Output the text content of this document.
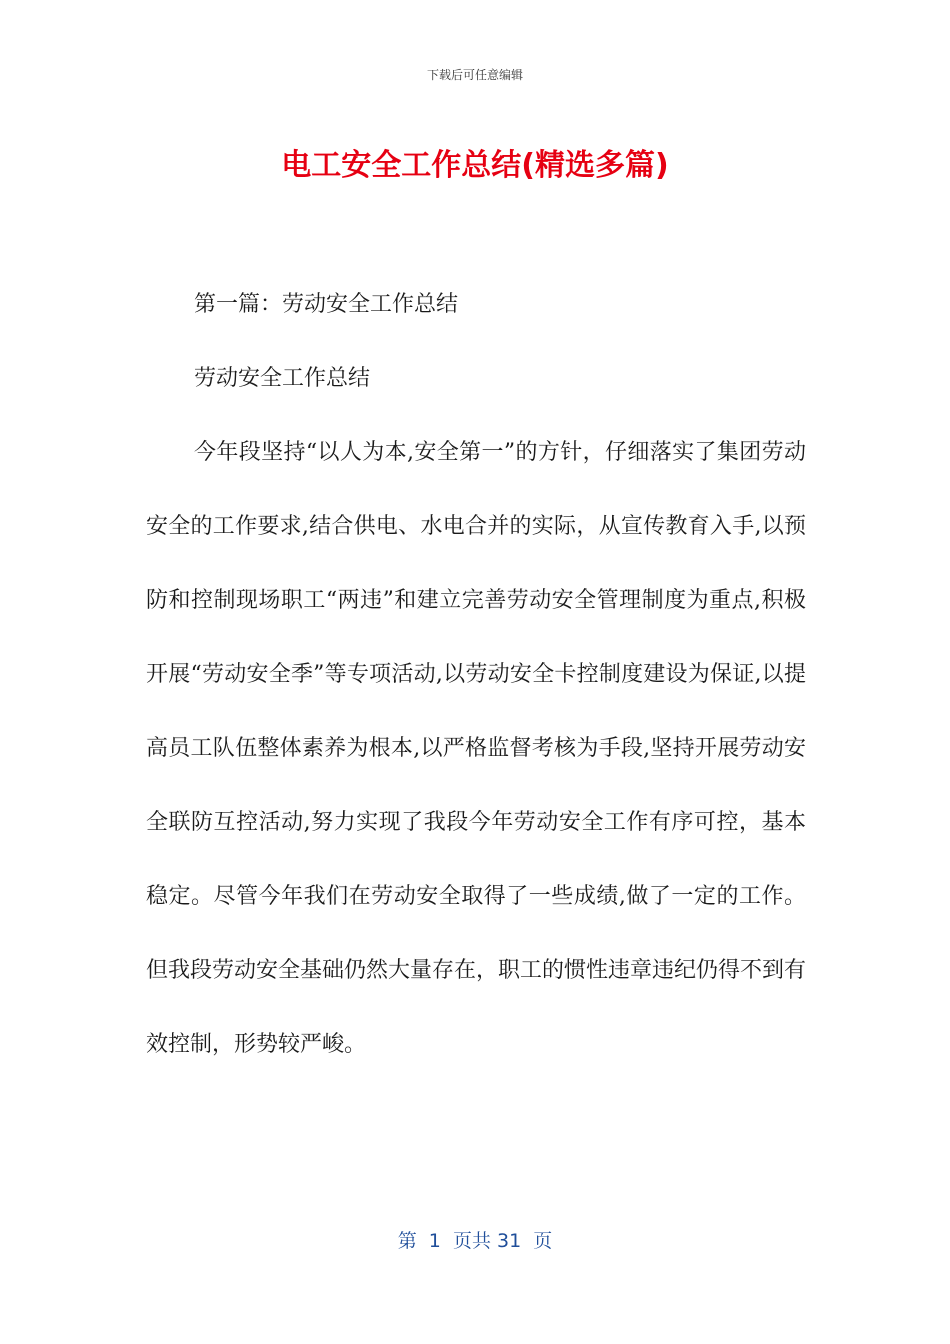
下载后可任意编辑
电工安全工作总结(精选多篇)

第一篇：劳动安全工作总结

劳动安全工作总结

今年段坚持“以人为本,安全第一”的方针，仔细落实了集团劳动安全的工作要求,结合供电、水电合并的实际，从宣传教育入手,以预防和控制现场职工“两违”和建立完善劳动安全管理制度为重点,积极开展“劳动安全季”等专项活动,以劳动安全卡控制度建设为保证,以提高员工队伍整体素养为根本,以严格监督考核为手段,坚持开展劳动安全联防互控活动,努力实现了我段今年劳动安全工作有序可控，基本稳定。尽管今年我们在劳动安全取得了一些成绩,做了一定的工作。但我段劳动安全基础仍然大量存在，职工的惯性违章违纪仍得不到有效控制，形势较严峻。

第  1  页共 31  页
